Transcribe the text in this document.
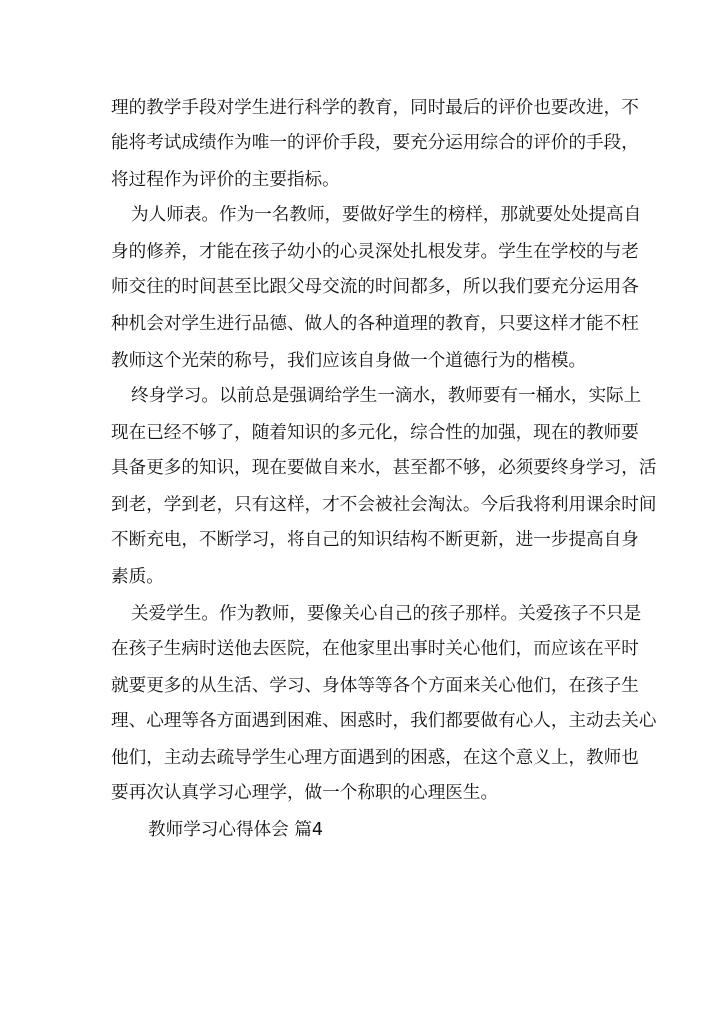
理的教学手段对学生进行科学的教育，同时最后的评价也要改进，不
能将考试成绩作为唯一的评价手段，要充分运用综合的评价的手段，
将过程作为评价的主要指标。
为人师表。作为一名教师，要做好学生的榜样，那就要处处提高自
身的修养，才能在孩子幼小的心灵深处扎根发芽。学生在学校的与老
师交往的时间甚至比跟父母交流的时间都多，所以我们要充分运用各
种机会对学生进行品德、做人的各种道理的教育，只要这样才能不枉
教师这个光荣的称号，我们应该自身做一个道德行为的楷模。
终身学习。以前总是强调给学生一滴水，教师要有一桶水，实际上
现在已经不够了，随着知识的多元化，综合性的加强，现在的教师要
具备更多的知识，现在要做自来水，甚至都不够，必须要终身学习，活
到老，学到老，只有这样，才不会被社会淘汰。今后我将利用课余时间
不断充电，不断学习，将自己的知识结构不断更新，进一步提高自身
素质。
关爱学生。作为教师，要像关心自己的孩子那样。关爱孩子不只是
在孩子生病时送他去医院，在他家里出事时关心他们，而应该在平时
就要更多的从生活、学习、身体等等各个方面来关心他们，在孩子生
理、心理等各方面遇到困难、困惑时，我们都要做有心人，主动去关心
他们，主动去疏导学生心理方面遇到的困惑，在这个意义上，教师也
要再次认真学习心理学，做一个称职的心理医生。
教师学习心得体会 篇4
